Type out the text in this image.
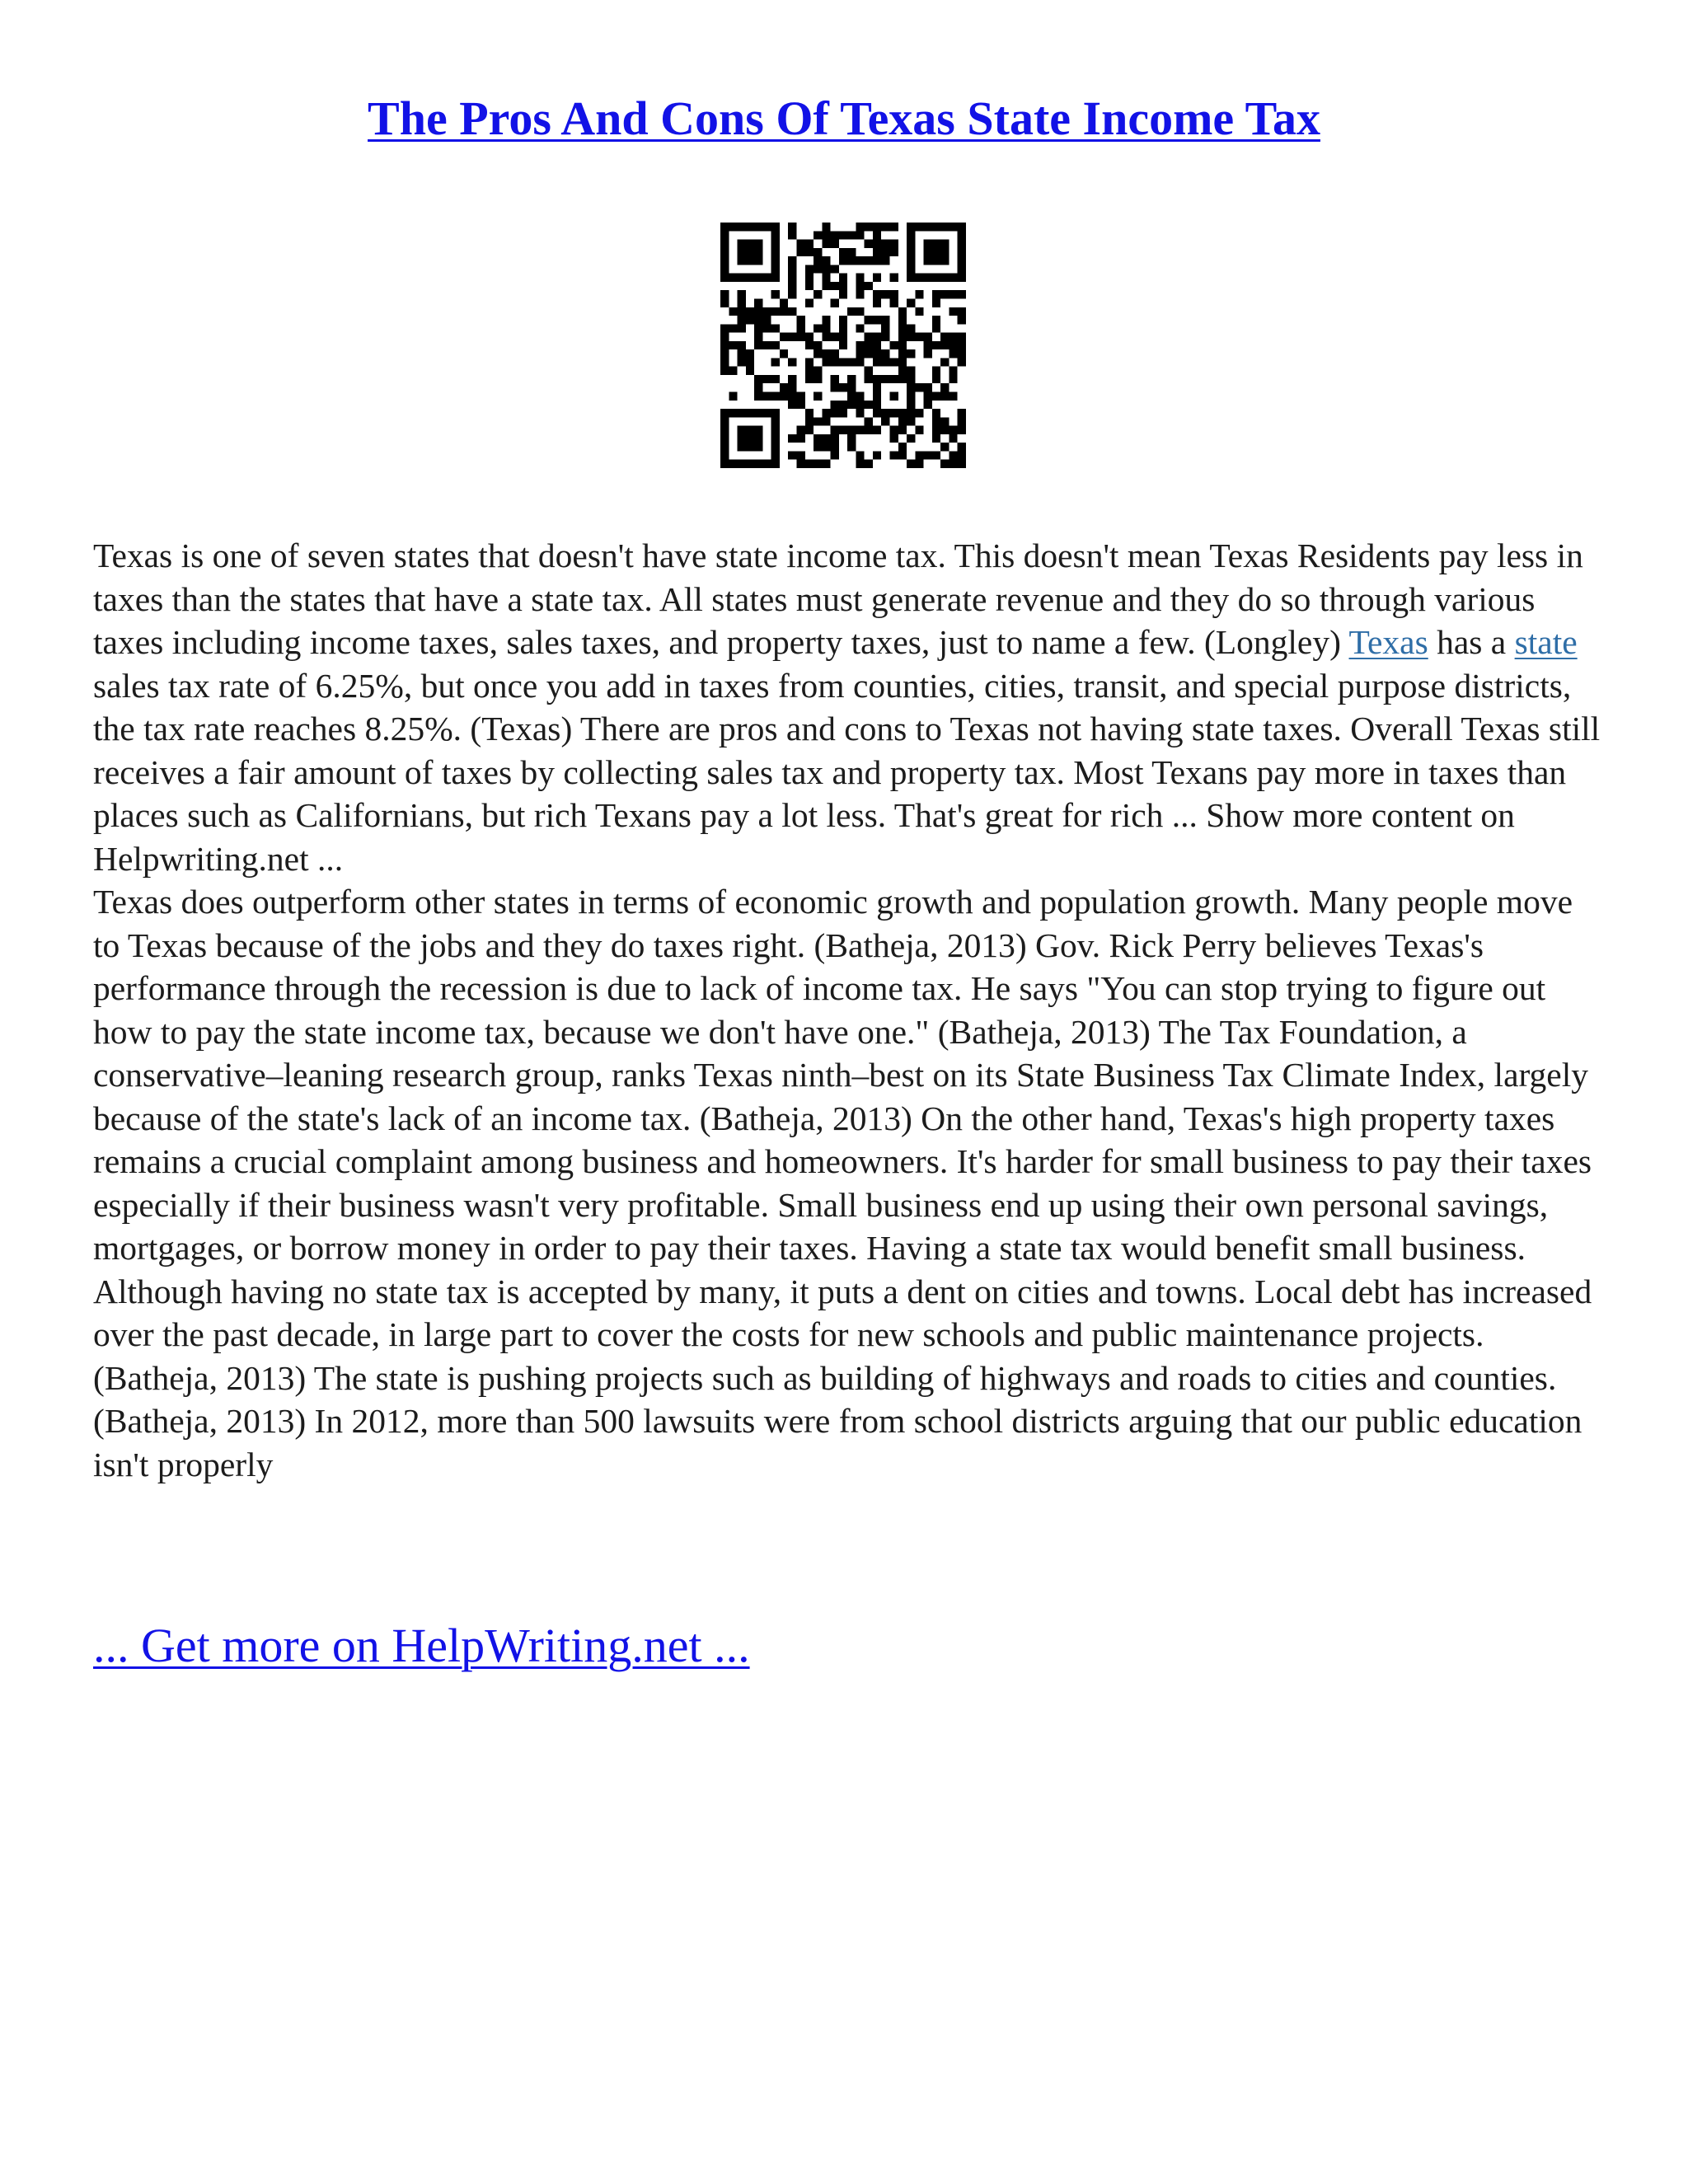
The Pros And Cons Of Texas State Income Tax

Texas is one of seven states that doesn't have state income tax. This doesn't mean Texas Residents pay less in taxes than the states that have a state tax. All states must generate revenue and they do so through various taxes including income taxes, sales taxes, and property taxes, just to name a few. (Longley) Texas has a state sales tax rate of 6.25%, but once you add in taxes from counties, cities, transit, and special purpose districts, the tax rate reaches 8.25%. (Texas) There are pros and cons to Texas not having state taxes. Overall Texas still receives a fair amount of taxes by collecting sales tax and property tax. Most Texans pay more in taxes than places such as Californians, but rich Texans pay a lot less. That's great for rich ... Show more content on Helpwriting.net ...

Texas does outperform other states in terms of economic growth and population growth. Many people move to Texas because of the jobs and they do taxes right. (Batheja, 2013) Gov. Rick Perry believes Texas's performance through the recession is due to lack of income tax. He says "You can stop trying to figure out how to pay the state income tax, because we don't have one." (Batheja, 2013) The Tax Foundation, a conservative–leaning research group, ranks Texas ninth–best on its State Business Tax Climate Index, largely because of the state's lack of an income tax. (Batheja, 2013) On the other hand, Texas's high property taxes remains a crucial complaint among business and homeowners. It's harder for small business to pay their taxes especially if their business wasn't very profitable. Small business end up using their own personal savings, mortgages, or borrow money in order to pay their taxes. Having a state tax would benefit small business. Although having no state tax is accepted by many, it puts a dent on cities and towns. Local debt has increased over the past decade, in large part to cover the costs for new schools and public maintenance projects. (Batheja, 2013) The state is pushing projects such as building of highways and roads to cities and counties. (Batheja, 2013) In 2012, more than 500 lawsuits were from school districts arguing that our public education isn't properly

... Get more on HelpWriting.net ...
